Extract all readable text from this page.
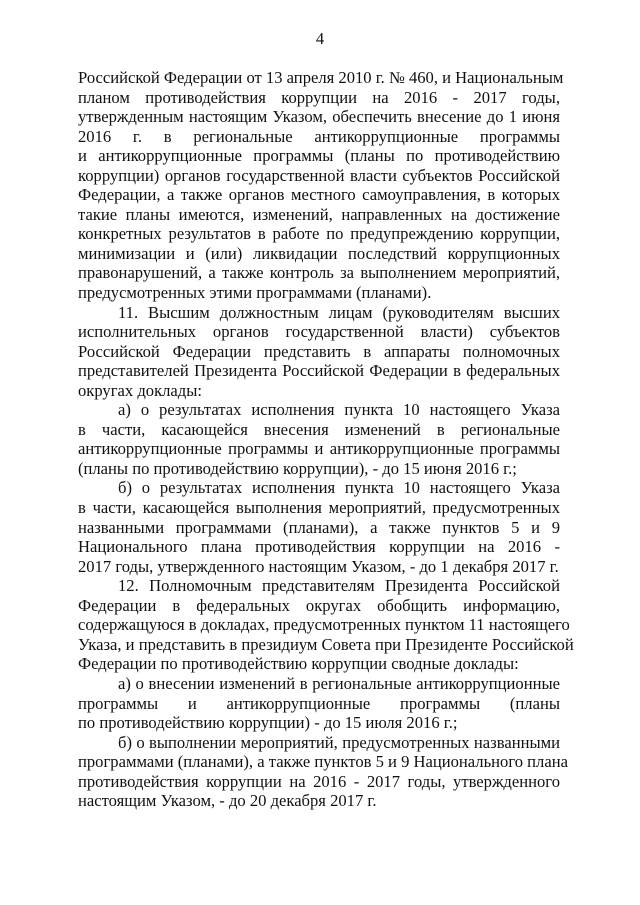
4
Российской Федерации от 13 апреля 2010 г. № 460, и Национальным
планом противодействия коррупции на 2016 - 2017 годы,
утвержденным настоящим Указом, обеспечить внесение до 1 июня
2016 г. в региональные антикоррупционные программы
и антикоррупционные программы (планы по противодействию
коррупции) органов государственной власти субъектов Российской
Федерации, а также органов местного самоуправления, в которых
такие планы имеются, изменений, направленных на достижение
конкретных результатов в работе по предупреждению коррупции,
минимизации и (или) ликвидации последствий коррупционных
правонарушений, а также контроль за выполнением мероприятий,
предусмотренных этими программами (планами).
11. Высшим должностным лицам (руководителям высших
исполнительных органов государственной власти) субъектов
Российской Федерации представить в аппараты полномочных
представителей Президента Российской Федерации в федеральных
округах доклады:
а) о результатах исполнения пункта 10 настоящего Указа
в части, касающейся внесения изменений в региональные
антикоррупционные программы и антикоррупционные программы
(планы по противодействию коррупции), - до 15 июня 2016 г.;
б) о результатах исполнения пункта 10 настоящего Указа
в части, касающейся выполнения мероприятий, предусмотренных
названными программами (планами), а также пунктов 5 и 9
Национального плана противодействия коррупции на 2016 -
2017 годы, утвержденного настоящим Указом, - до 1 декабря 2017 г.
12. Полномочным представителям Президента Российской
Федерации в федеральных округах обобщить информацию,
содержащуюся в докладах, предусмотренных пунктом 11 настоящего
Указа, и представить в президиум Совета при Президенте Российской
Федерации по противодействию коррупции сводные доклады:
а) о внесении изменений в региональные антикоррупционные
программы и антикоррупционные программы (планы
по противодействию коррупции) - до 15 июля 2016 г.;
б) о выполнении мероприятий, предусмотренных названными
программами (планами), а также пунктов 5 и 9 Национального плана
противодействия коррупции на 2016 - 2017 годы, утвержденного
настоящим Указом, - до 20 декабря 2017 г.
